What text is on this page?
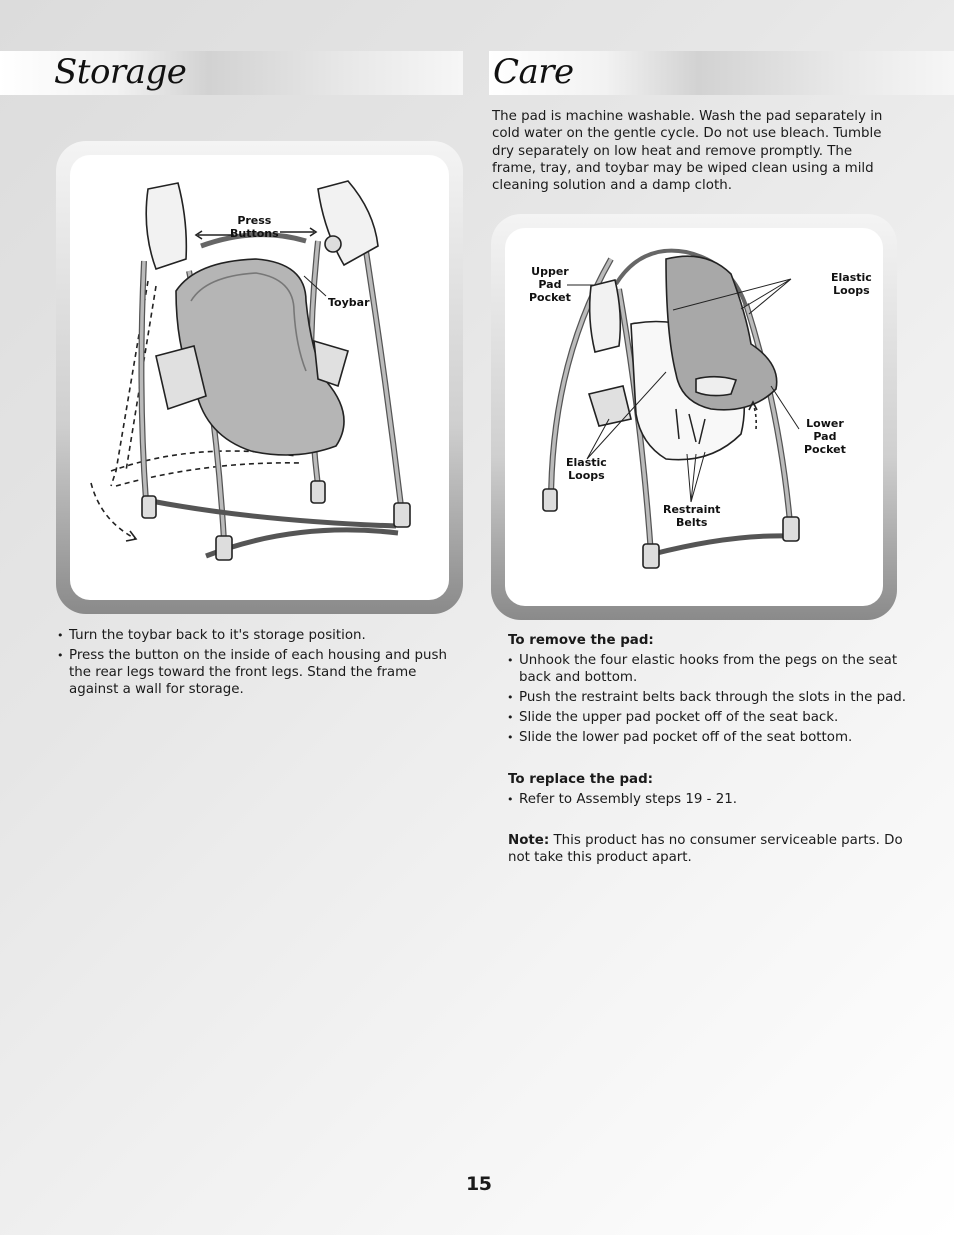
Storage	Care
Press
Buttons
Toybar
• Turn the toybar back to it's storage position.
• Press the button on the inside of each housing and push the rear legs toward the front legs. Stand the frame against a wall for storage.

The pad is machine washable. Wash the pad separately in cold water on the gentle cycle. Do not use bleach. Tumble dry separately on low heat and remove promptly. The frame, tray, and toybar may be wiped clean using a mild cleaning solution and a damp cloth.

Upper
Pad
Pocket
Elastic
Loops
Lower
Pad
Pocket
Elastic
Loops
Restraint
Belts
To remove the pad:
• Unhook the four elastic hooks from the pegs on the seat back and bottom.
• Push the restraint belts back through the slots in the pad.
• Slide the upper pad pocket off of the seat back.
• Slide the lower pad pocket off of the seat bottom.
To replace the pad:
• Refer to Assembly steps 19 - 21.

Note: This product has no consumer serviceable parts. Do not take this product apart.

15
